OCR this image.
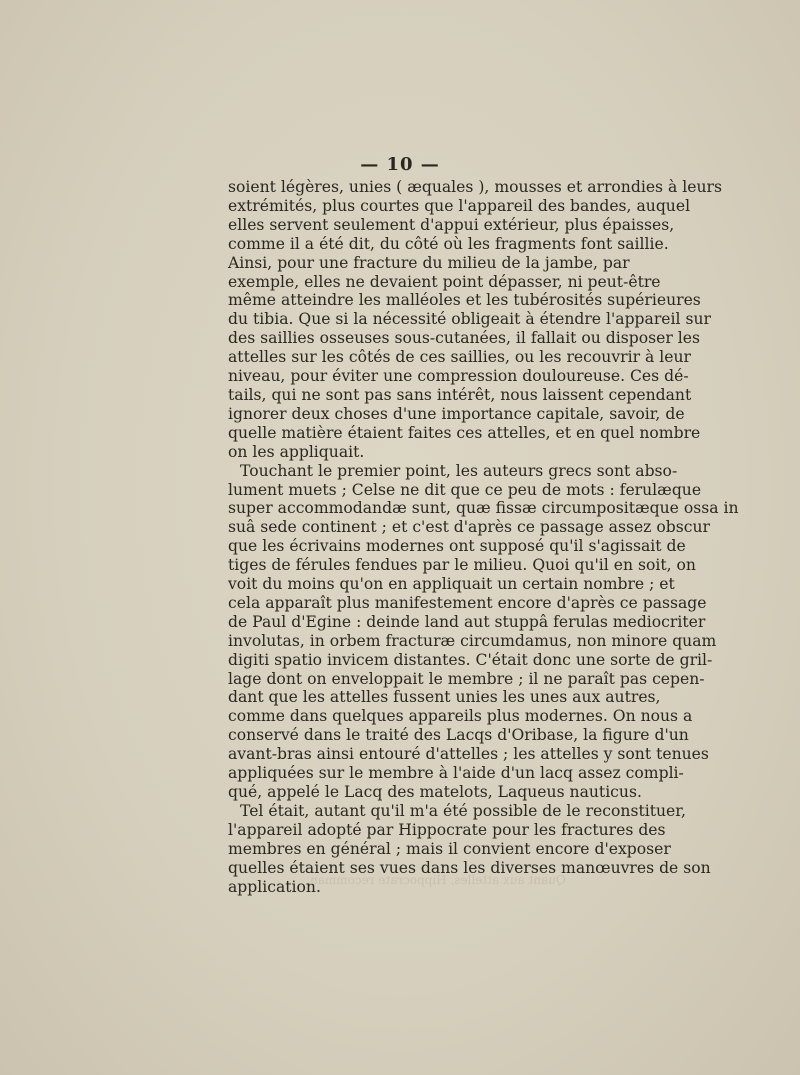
— 10 —

soient légères, unies ( æquales ), mousses et arrondies à leurs
extrémités, plus courtes que l'appareil des bandes, auquel
elles servent seulement d'appui extérieur, plus épaisses,
comme il a été dit, du côté où les fragments font saillie.
Ainsi, pour une fracture du milieu de la jambe, par
exemple, elles ne devaient point dépasser, ni peut-être
même atteindre les malléoles et les tubérosités supérieures
du tibia. Que si la nécessité obligeait à étendre l'appareil sur
des saillies osseuses sous-cutanées, il fallait ou disposer les
attelles sur les côtés de ces saillies, ou les recouvrir à leur
niveau, pour éviter une compression douloureuse. Ces dé-
tails, qui ne sont pas sans intérêt, nous laissent cependant
ignorer deux choses d'une importance capitale, savoir, de
quelle matière étaient faites ces attelles, et en quel nombre
on les appliquait.

Touchant le premier point, les auteurs grecs sont abso-
lument muets ; Celse ne dit que ce peu de mots : ferulæque
super accommodandæ sunt, quæ fissæ circumpositæque ossa in
suâ sede continent ; et c'est d'après ce passage assez obscur
que les écrivains modernes ont supposé qu'il s'agissait de
tiges de férules fendues par le milieu. Quoi qu'il en soit, on
voit du moins qu'on en appliquait un certain nombre ; et
cela apparaît plus manifestement encore d'après ce passage
de Paul d'Egine : deinde land aut stuppâ ferulas mediocriter
involutas, in orbem fracturæ circumdamus, non minore quam
digiti spatio invicem distantes. C'était donc une sorte de gril-
lage dont on enveloppait le membre ; il ne paraît pas cepen-
dant que les attelles fussent unies les unes aux autres,
comme dans quelques appareils plus modernes. On nous a
conservé dans le traité des Lacqs d'Oribase, la figure d'un
avant-bras ainsi entouré d'attelles ; les attelles y sont tenues
appliquées sur le membre à l'aide d'un lacq assez compli-
qué, appelé le Lacq des matelots, Laqueus nauticus.

Tel était, autant qu'il m'a été possible de le reconstituer,
l'appareil adopté par Hippocrate pour les fractures des
membres en général ; mais il convient encore d'exposer
quelles étaient ses vues dans les diverses manœuvres de son
application.

Quant aux attelles, Hippocrate recomman
